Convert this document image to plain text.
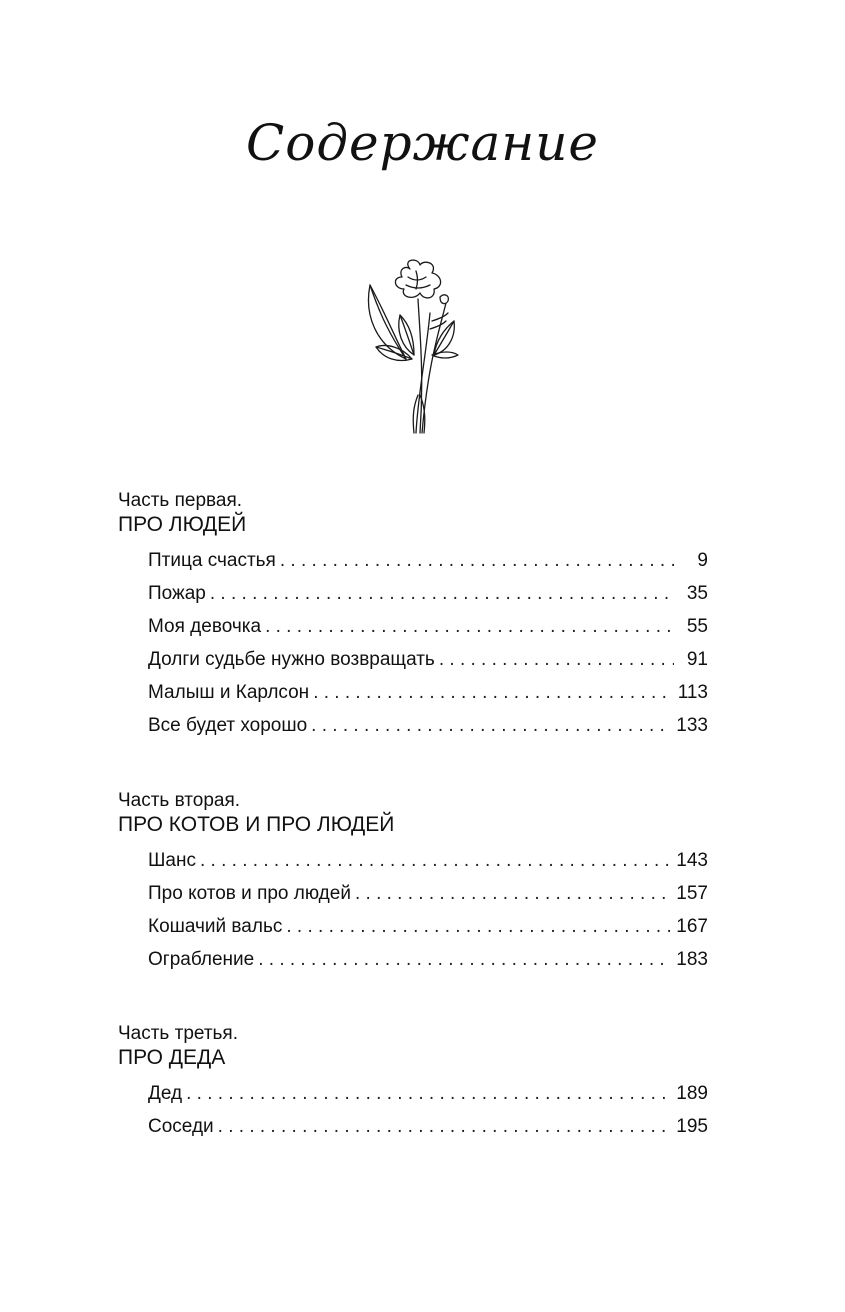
Содержание
Часть первая.
ПРО ЛЮДЕЙ
Птица счастья . . .	9
Пожар . . .	35
Моя девочка . . .	55
Долги судьбе нужно возвращать . . .	91
Малыш и Карлсон . . .	113
Все будет хорошо . . .	133
Часть вторая.
ПРО КОТОВ И ПРО ЛЮДЕЙ
Шанс . . .	143
Про котов и про людей . . .	157
Кошачий вальс . . .	167
Ограбление . . .	183
Часть третья.
ПРО ДЕДА
Дед . . .	189
Соседи . . .	195
